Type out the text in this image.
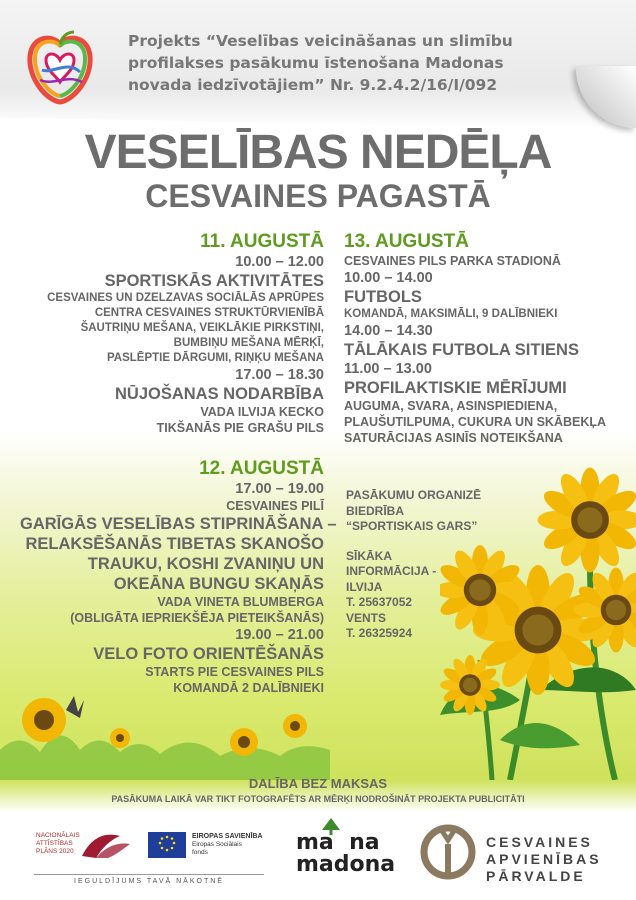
Projekts “Veselības veicināšanas un slimību
profilakses pasākumu īstenošana Madonas
novada iedzīvotājiem” Nr. 9.2.4.2/16/I/092
VESELĪBAS NEDĒĻA
CESVAINES PAGASTĀ
11. AUGUSTĀ
10.00 – 12.00
SPORTISKĀS AKTIVITĀTES
CESVAINES UN DZELZAVAS SOCIĀLĀS APRŪPES
CENTRA CESVAINES STRUKTŪRVIENĪBĀ
ŠAUTRIŅU MEŠANA, VEIKLĀKIE PIRKSTIŅI,
BUMBIŅU MEŠANA MĒRĶĪ,
PASLĒPTIE DĀRGUMI, RIŅĶU MEŠANA
17.00 – 18.30
NŪJOŠANAS NODARBĪBA
VADA ILVIJA KECKO
TIKŠANĀS PIE GRAŠU PILS
13. AUGUSTĀ
CESVAINES PILS PARKA STADIONĀ
10.00 – 14.00
FUTBOLS
KOMANDĀ, MAKSIMĀLI, 9 DALĪBNIEKI
14.00 – 14.30
TĀLĀKAIS FUTBOLA SITIENS
11.00 – 13.00
PROFILAKTISKIE MĒRĪJUMI
AUGUMA, SVARA, ASINSPIEDIENA,
PLAUŠUTILPUMA, CUKURA UN SKĀBEKĻA
SATURĀCIJAS ASINĪS NOTEIKŠANA
12. AUGUSTĀ
17.00 – 19.00
CESVAINES PILĪ
GARĪGĀS VESELĪBAS STIPRINĀŠANA –
RELAKSĒŠANĀS TIBETAS SKANOŠO
TRAUKU, KOSHI ZVANIŅU UN
OKEĀNA BUNGU SKAŅĀS
VADA VINETA BLUMBERGA
(OBLIGĀTA IEPRIEKŠĒJA PIETEIKŠANĀS)
19.00 – 21.00
VELO FOTO ORIENTĒŠANĀS
STARTS PIE CESVAINES PILS
KOMANDĀ 2 DALĪBNIEKI
PASĀKUMU ORGANIZĒ
BIEDRĪBA
“SPORTISKAIS GARS”
SĪKĀKA
INFORMĀCIJA -
ILVIJA
T. 25637052
VENTS
T. 26325924
DALĪBA BEZ MAKSAS
PASĀKUMA LAIKĀ VAR TIKT FOTOGRAFĒTS AR MĒRĶI NODROŠINĀT PROJEKTA PUBLICITĀTI
NACIONĀLAIS
ATTĪSTĪBAS
PLĀNS 2020
EIROPAS SAVIENĪBA
Eiropas Sociālais
fonds
IEGULDĪJUMS TAVĀ NĀKOTNĒ
ma  na
madona
CESVAINES
APVIENĪBAS
PĀRVALDE
